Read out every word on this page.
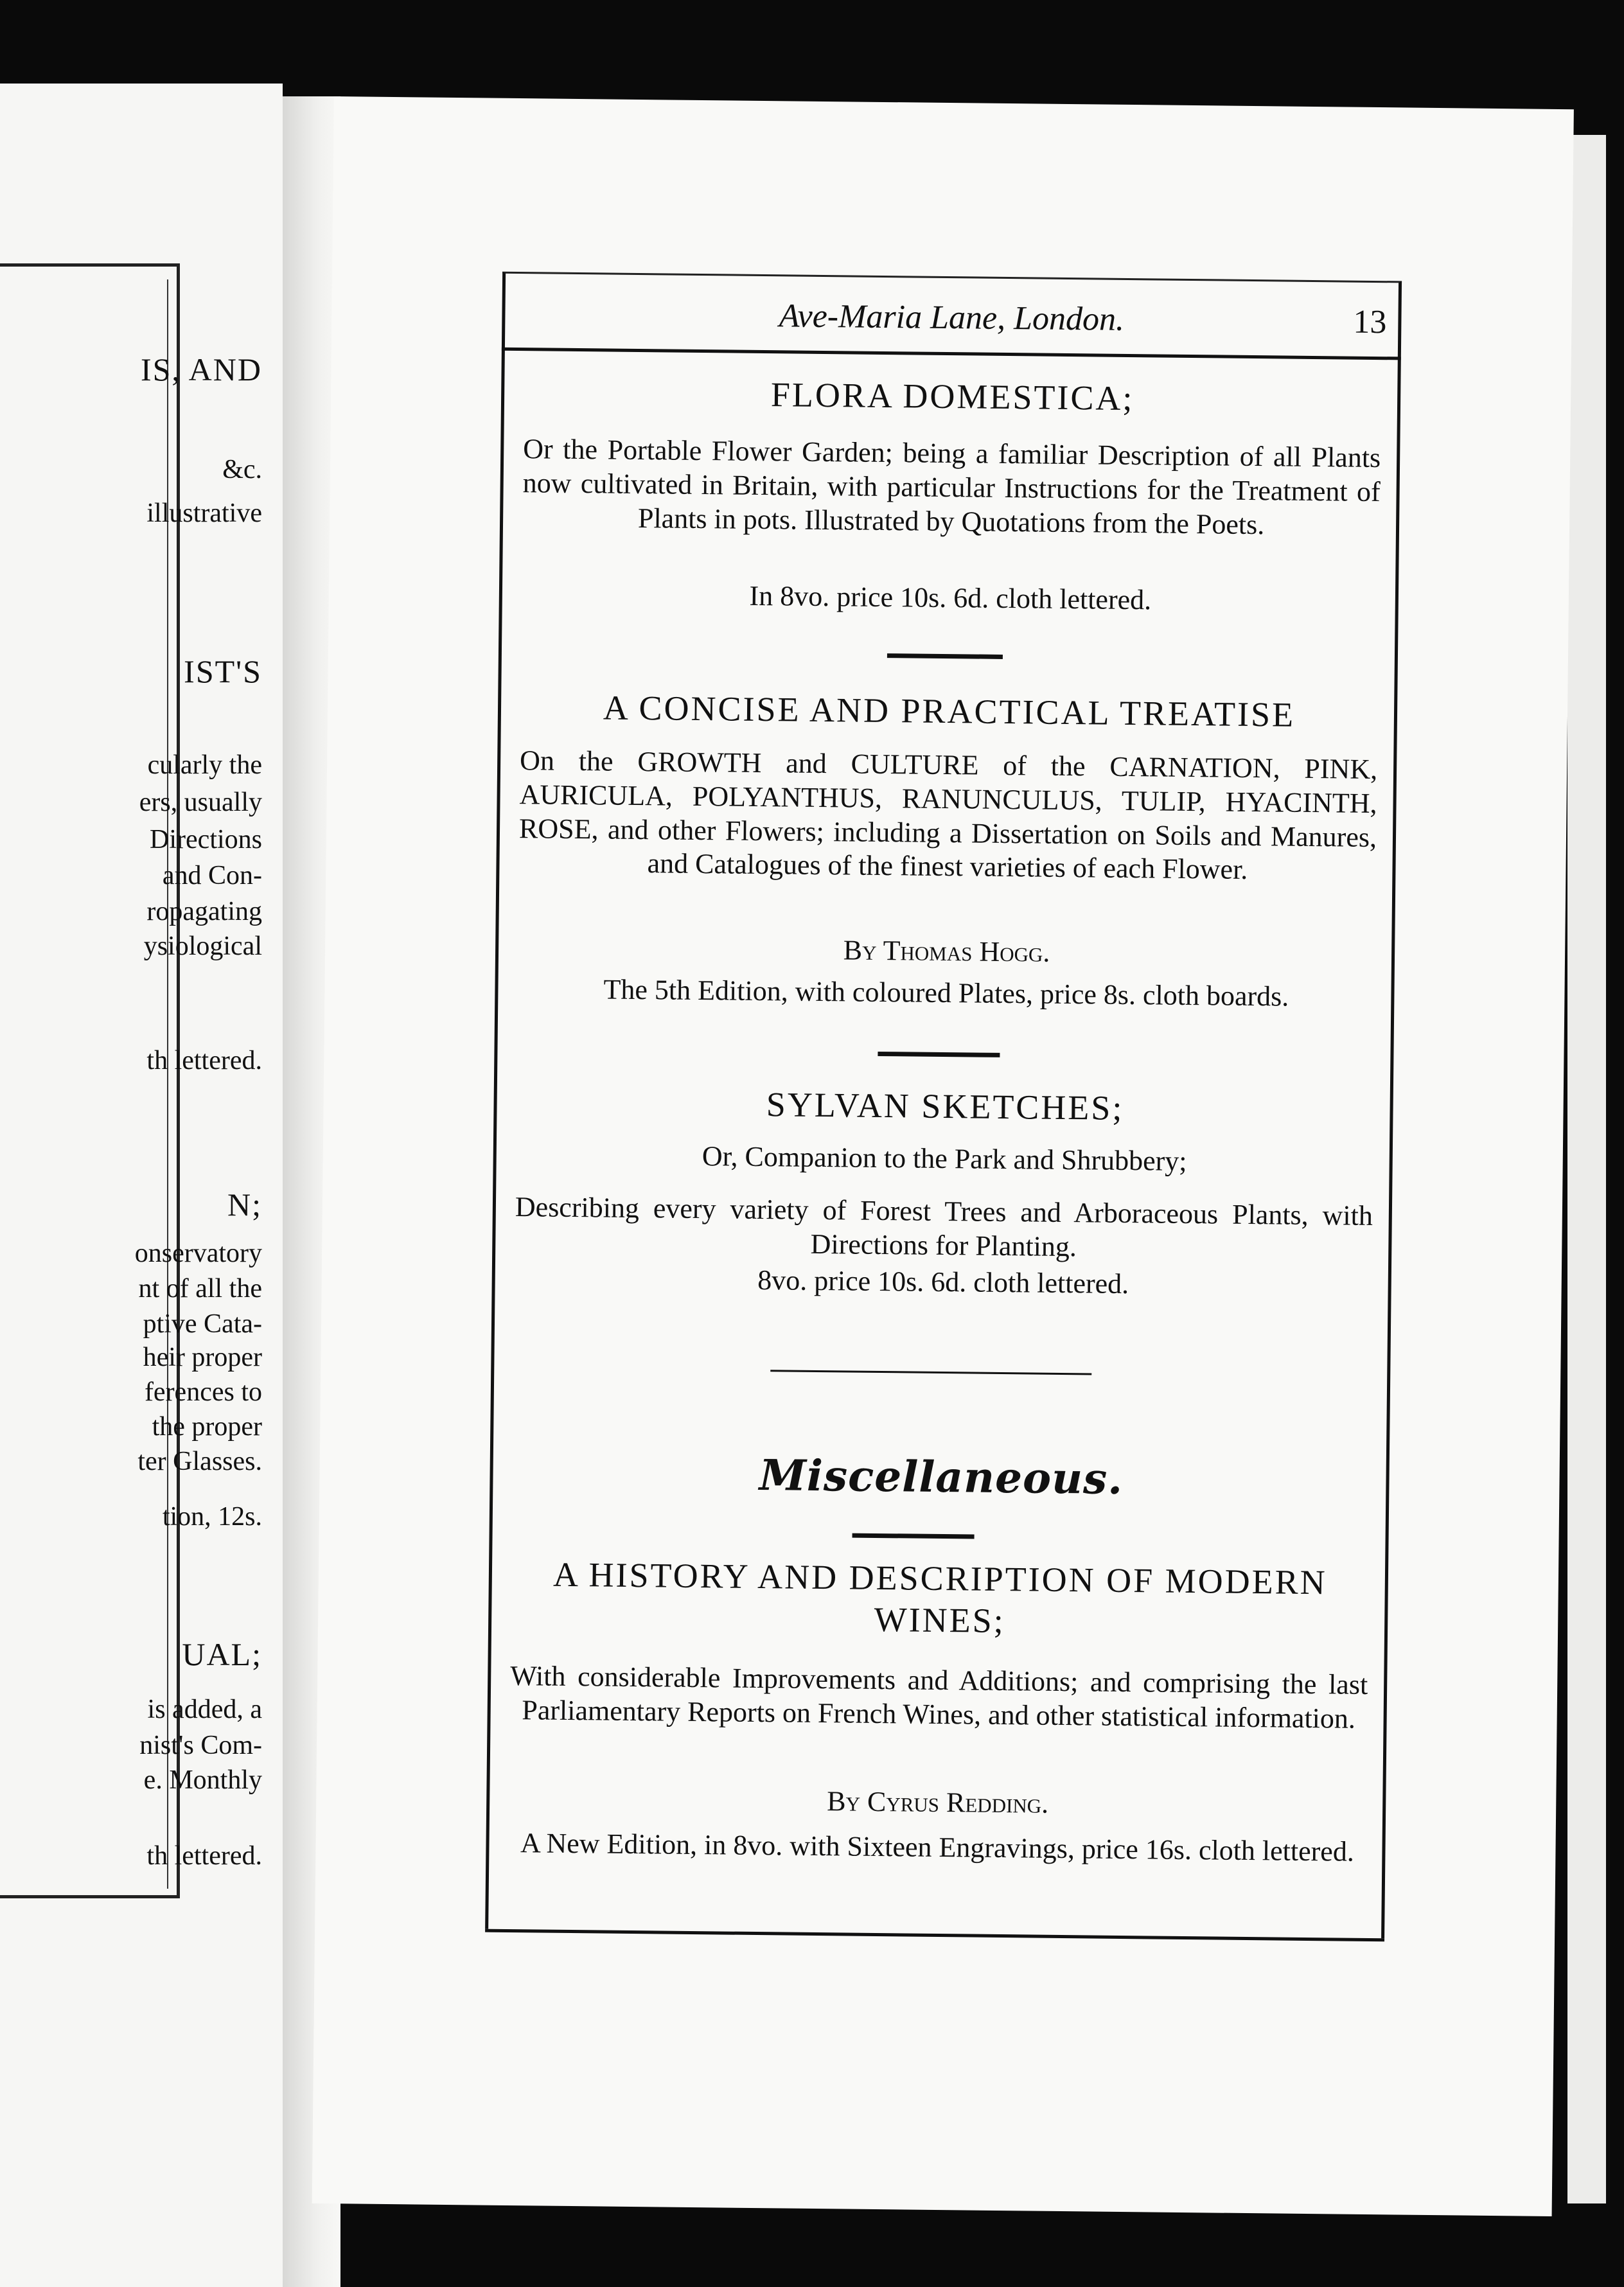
IS, AND
&c.
illustrative
IST'S
cularly the
ers, usually
Directions
and Con-
ropagating
ysiological
th lettered.
N;
onservatory
nt of all the
ptive Cata-
heir proper
ferences to
the proper
ter Glasses.
tion, 12s.
UAL;
is added, a
nist's Com-
e. Monthly
th lettered.
Ave-Maria Lane, London.	13
FLORA DOMESTICA;
Or the Portable Flower Garden; being a familiar Description of all Plants now cultivated in Britain, with particular Instructions for the Treatment of Plants in pots. Illustrated by Quotations from the Poets.
In 8vo. price 10s. 6d. cloth lettered.
A CONCISE AND PRACTICAL TREATISE
On the GROWTH and CULTURE of the CARNATION, PINK, AURICULA, POLYANTHUS, RANUNCULUS, TULIP, HYACINTH, ROSE, and other Flowers; including a Dissertation on Soils and Manures, and Catalogues of the finest varieties of each Flower.
By Thomas Hogg.
The 5th Edition, with coloured Plates, price 8s. cloth boards.
SYLVAN SKETCHES;
Or, Companion to the Park and Shrubbery;
Describing every variety of Forest Trees and Arboraceous Plants, with Directions for Planting.
8vo. price 10s. 6d. cloth lettered.
Miscellaneous.
A HISTORY AND DESCRIPTION OF MODERN WINES;
With considerable Improvements and Additions; and comprising the last Parliamentary Reports on French Wines, and other statistical information.
By Cyrus Redding.
A New Edition, in 8vo. with Sixteen Engravings, price 16s. cloth lettered.
